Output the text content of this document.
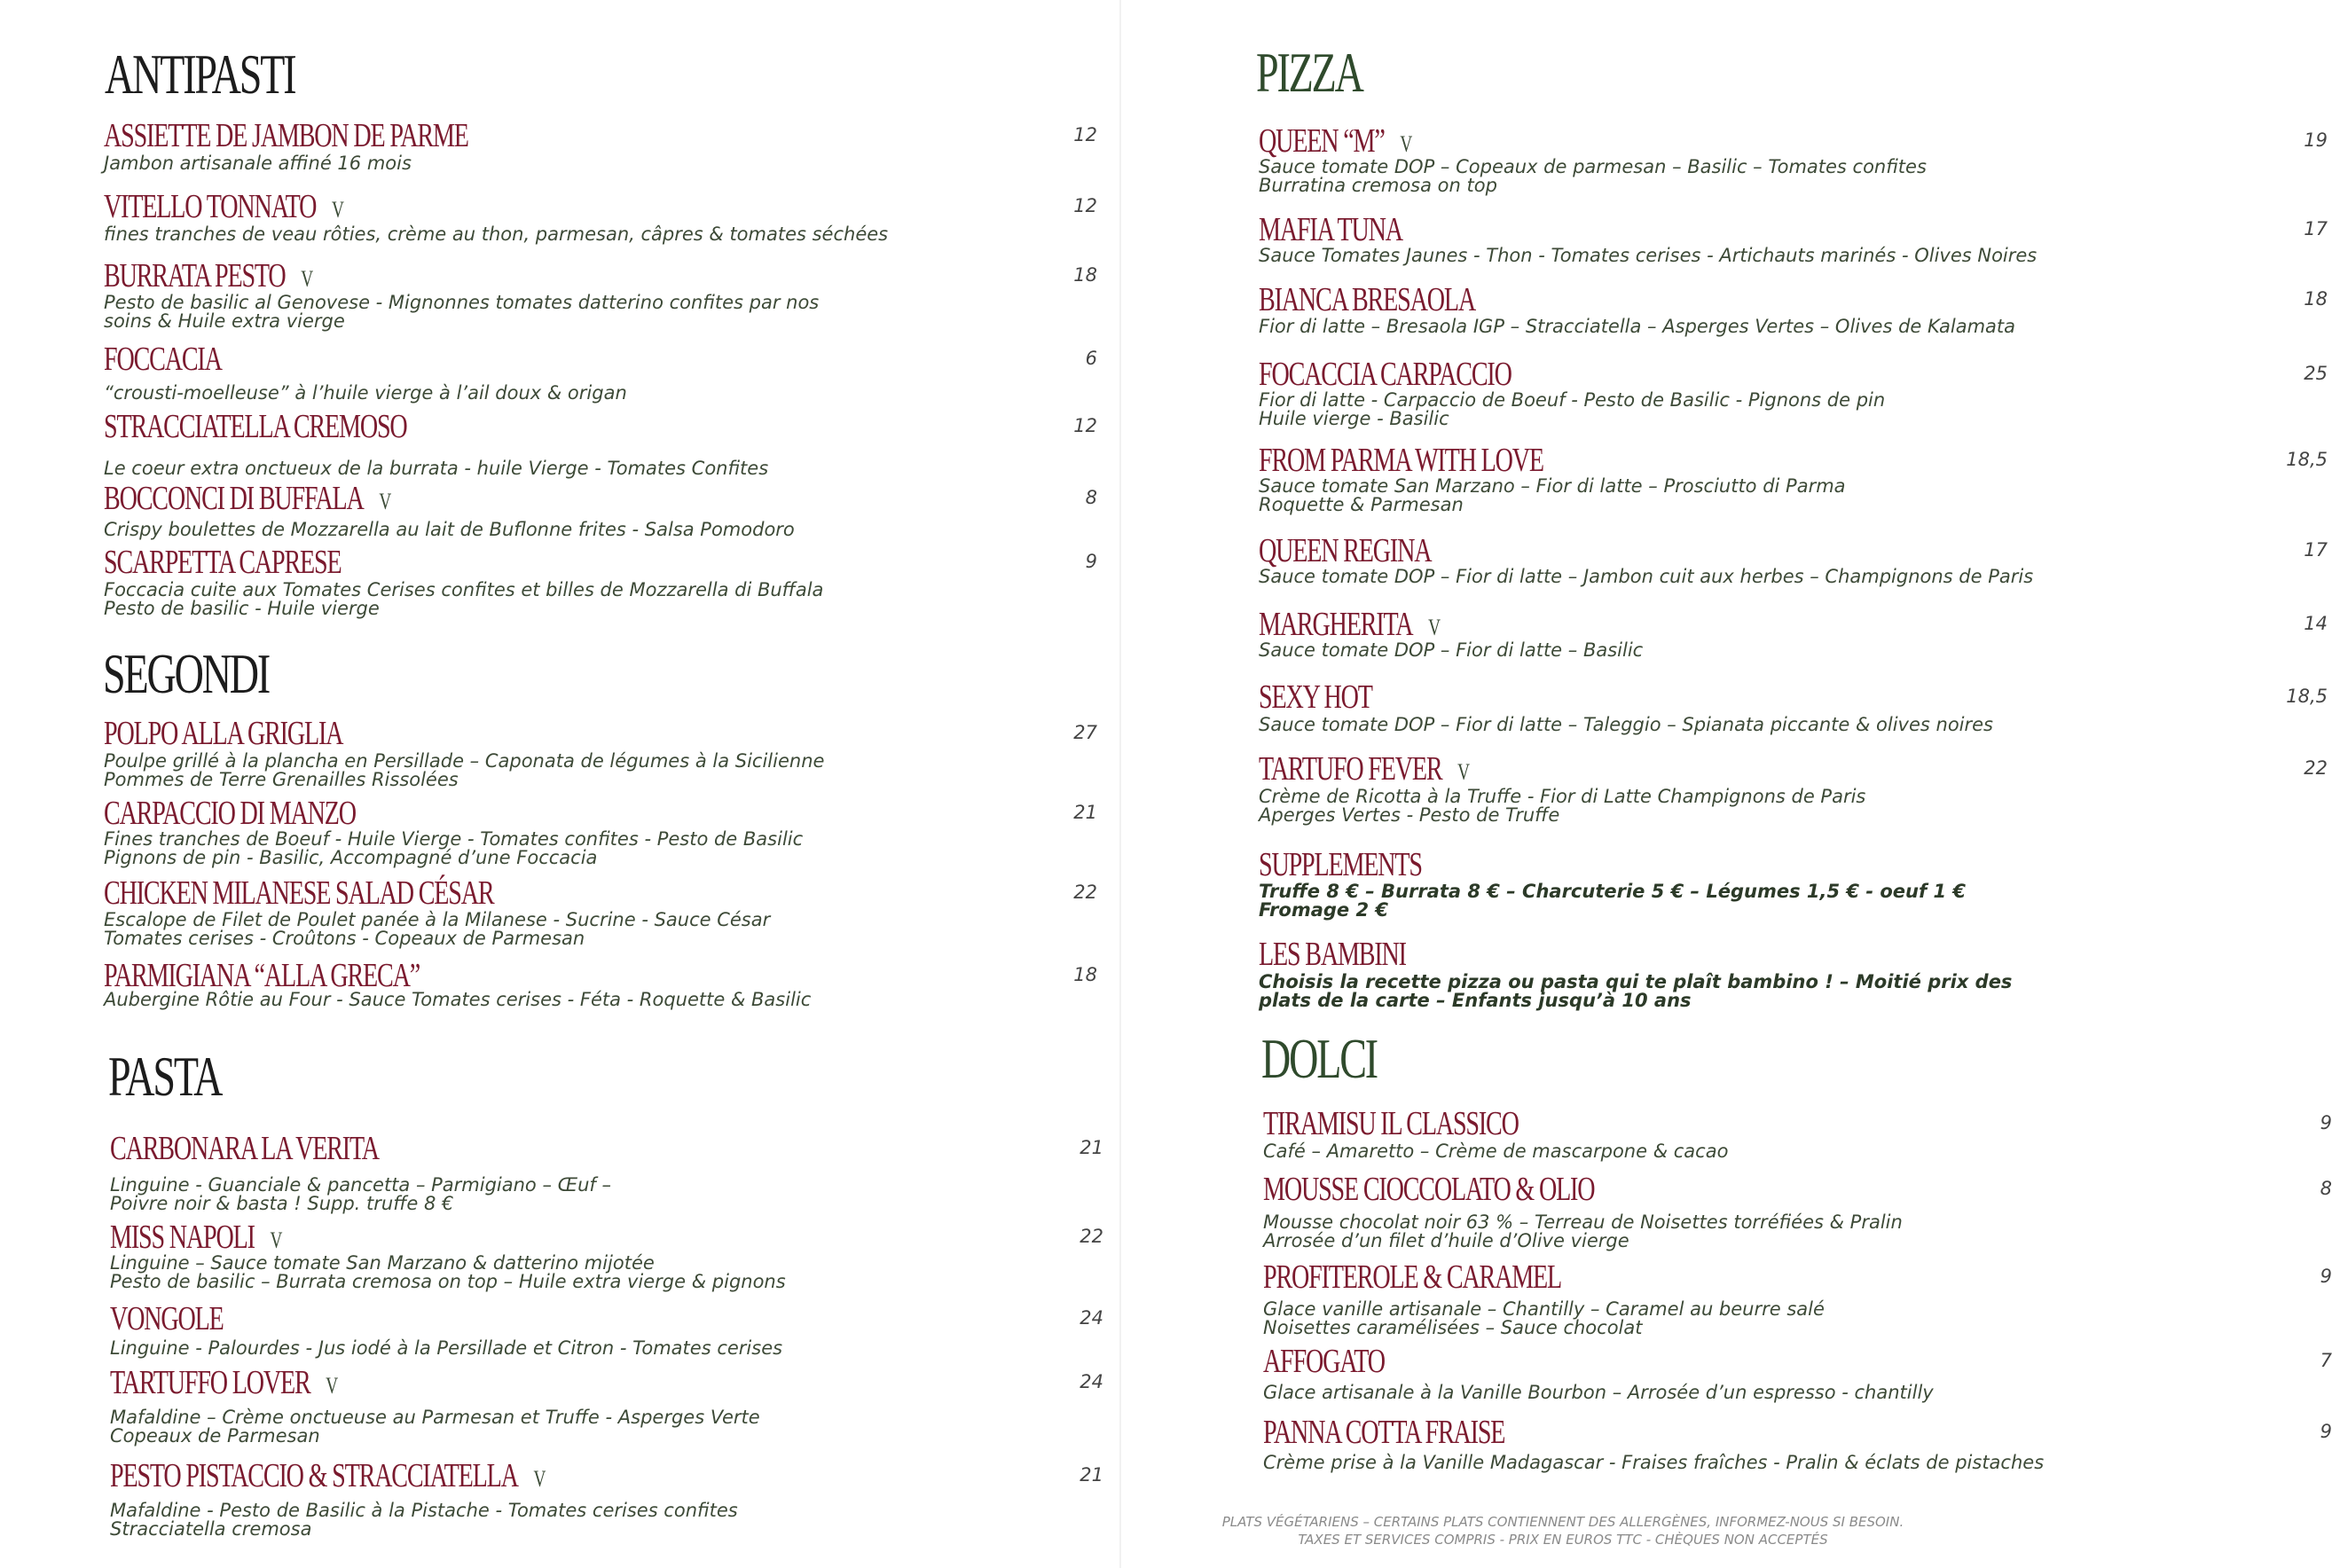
ANTIPASTI
ASSIETTE DE JAMBON DE PARME
Jambon artisanale affiné 16 mois
12
VITELLO TONNATO V
fines tranches de veau rôties, crème au thon, parmesan, câpres & tomates séchées
12
BURRATA PESTO V
Pesto de basilic al Genovese - Mignonnes tomates datterino confites par nos
soins & Huile extra vierge
18
FOCCACIA
“crousti-moelleuse” à l’huile vierge à l’ail doux & origan
6
STRACCIATELLA CREMOSO
Le coeur extra onctueux de la burrata - huile Vierge - Tomates Confites
12
BOCCONCI DI BUFFALA V
Crispy boulettes de Mozzarella au lait de Buflonne frites - Salsa Pomodoro
8
SCARPETTA CAPRESE
Foccacia cuite aux Tomates Cerises confites et billes de Mozzarella di Buffala
Pesto de basilic - Huile vierge
9
SEGONDI
POLPO ALLA GRIGLIA
Poulpe grillé à la plancha en Persillade – Caponata de légumes à la Sicilienne
Pommes de Terre Grenailles Rissolées
27
CARPACCIO DI MANZO
Fines tranches de Boeuf - Huile Vierge - Tomates confites - Pesto de Basilic
Pignons de pin - Basilic, Accompagné d’une Foccacia
21
CHICKEN MILANESE SALAD CÉSAR
Escalope de Filet de Poulet panée à la Milanese - Sucrine - Sauce César
Tomates cerises - Croûtons - Copeaux de Parmesan
22
PARMIGIANA “ALLA GRECA”
Aubergine Rôtie au Four - Sauce Tomates cerises - Féta - Roquette & Basilic
18
PASTA
CARBONARA LA VERITA
Linguine - Guanciale & pancetta – Parmigiano – Œuf –
Poivre noir & basta ! Supp. truffe 8 €
21
MISS NAPOLI V
Linguine – Sauce tomate San Marzano & datterino mijotée
Pesto de basilic – Burrata cremosa on top – Huile extra vierge & pignons
22
VONGOLE
Linguine - Palourdes - Jus iodé à la Persillade et Citron - Tomates cerises
24
TARTUFFO LOVER V
Mafaldine – Crème onctueuse au Parmesan et Truffe - Asperges Verte
Copeaux de Parmesan
24
PESTO PISTACCIO & STRACCIATELLA V
Mafaldine - Pesto de Basilic à la Pistache - Tomates cerises confites
Stracciatella cremosa
21
PIZZA
QUEEN “M” V
Sauce tomate DOP – Copeaux de parmesan – Basilic – Tomates confites
Burratina cremosa on top
19
MAFIA TUNA
Sauce Tomates Jaunes - Thon - Tomates cerises - Artichauts marinés - Olives Noires
17
BIANCA BRESAOLA
Fior di latte – Bresaola IGP – Stracciatella – Asperges Vertes – Olives de Kalamata
18
FOCACCIA CARPACCIO
Fior di latte - Carpaccio de Boeuf - Pesto de Basilic - Pignons de pin
Huile vierge - Basilic
25
FROM PARMA WITH LOVE
Sauce tomate San Marzano – Fior di latte – Prosciutto di Parma
Roquette & Parmesan
18,5
QUEEN REGINA
Sauce tomate DOP – Fior di latte – Jambon cuit aux herbes – Champignons de Paris
17
MARGHERITA V
Sauce tomate DOP – Fior di latte – Basilic
14
SEXY HOT
Sauce tomate DOP – Fior di latte – Taleggio – Spianata piccante & olives noires
18,5
TARTUFO FEVER V
Crème de Ricotta à la Truffe - Fior di Latte Champignons de Paris
Aperges Vertes - Pesto de Truffe
22
SUPPLEMENTS
Truffe 8 € – Burrata 8 € – Charcuterie 5 € – Légumes 1,5 € - oeuf 1 €
Fromage 2 €
LES BAMBINI
Choisis la recette pizza ou pasta qui te plaît bambino ! – Moitié prix des
plats de la carte – Enfants jusqu’à 10 ans
DOLCI
TIRAMISU IL CLASSICO
Café – Amaretto – Crème de mascarpone & cacao
9
MOUSSE CIOCCOLATO & OLIO
Mousse chocolat noir 63 % – Terreau de Noisettes torréfiées & Pralin
Arrosée d’un filet d’huile d’Olive vierge
8
PROFITEROLE & CARAMEL
Glace vanille artisanale – Chantilly – Caramel au beurre salé
Noisettes caramélisées – Sauce chocolat
9
AFFOGATO
Glace artisanale à la Vanille Bourbon – Arrosée d’un espresso - chantilly
7
PANNA COTTA FRAISE
Crème prise à la Vanille Madagascar - Fraises fraîches - Pralin & éclats de pistaches
9
PLATS VÉGÉTARIENS – CERTAINS PLATS CONTIENNENT DES ALLERGÈNES, INFORMEZ-NOUS SI BESOIN.
TAXES ET SERVICES COMPRIS - PRIX EN EUROS TTC - CHÈQUES NON ACCEPTÉS
